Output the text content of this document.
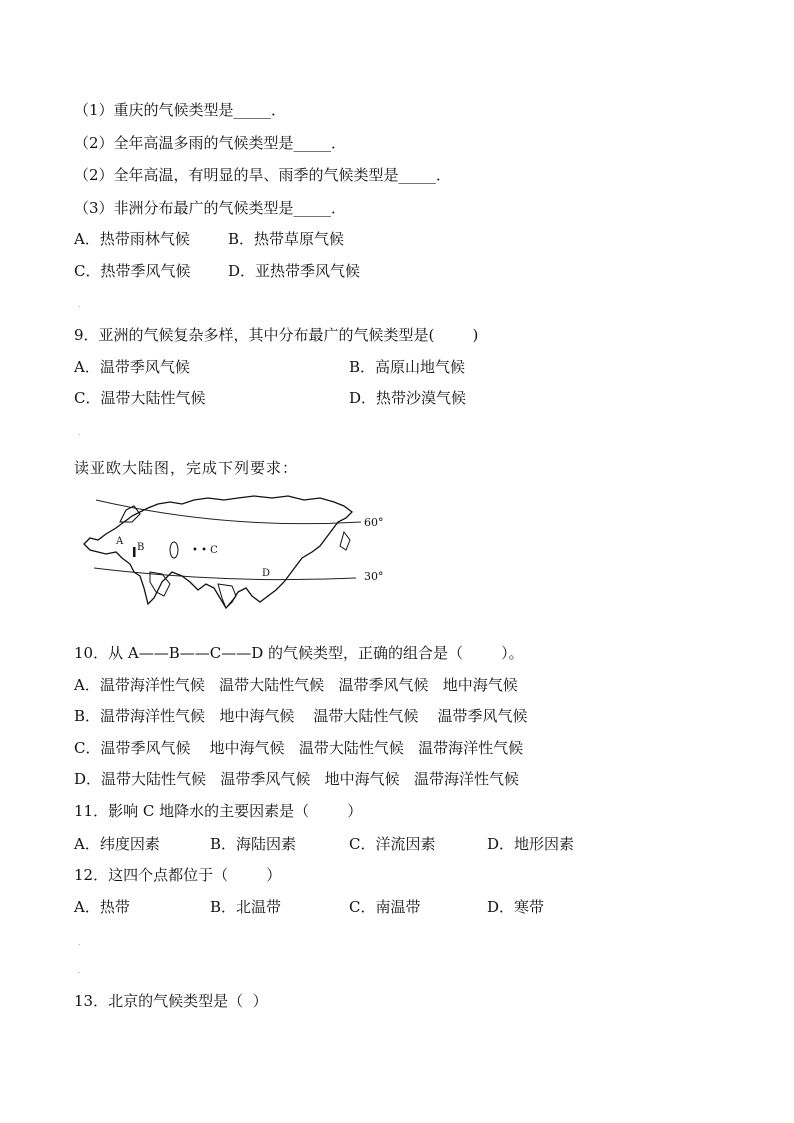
（1）重庆的气候类型是_____．
（2）全年高温多雨的气候类型是_____．
（2）全年高温，有明显的旱、雨季的气候类型是_____．
（3）非洲分布最广的气候类型是_____．
A．热带雨林气候	B．热带草原气候
C．热带季风气候	D．亚热带季风气候
.
9．亚洲的气候复杂多样，其中分布最广的气候类型是(        )
A．温带季风气候	B．高原山地气候
C．温带大陆性气候	D．热带沙漠气候
.
读亚欧大陆图，完成下列要求：
A
B	• • C
D
60°
30°
10．从 A——B——C——D 的气候类型，正确的组合是（        ）。
A．温带海洋性气候   温带大陆性气候   温带季风气候   地中海气候
B．温带海洋性气候   地中海气候    温带大陆性气候    温带季风气候
C．温带季风气候    地中海气候   温带大陆性气候   温带海洋性气候
D．温带大陆性气候   温带季风气候   地中海气候   温带海洋性气候
11．影响 C 地降水的主要因素是（        ）
A．纬度因素	B．海陆因素	C．洋流因素	D．地形因素
12．这四个点都位于（        ）
A．热带	B．北温带	C．南温带	D．寒带
.
.
13．北京的气候类型是（  ）
